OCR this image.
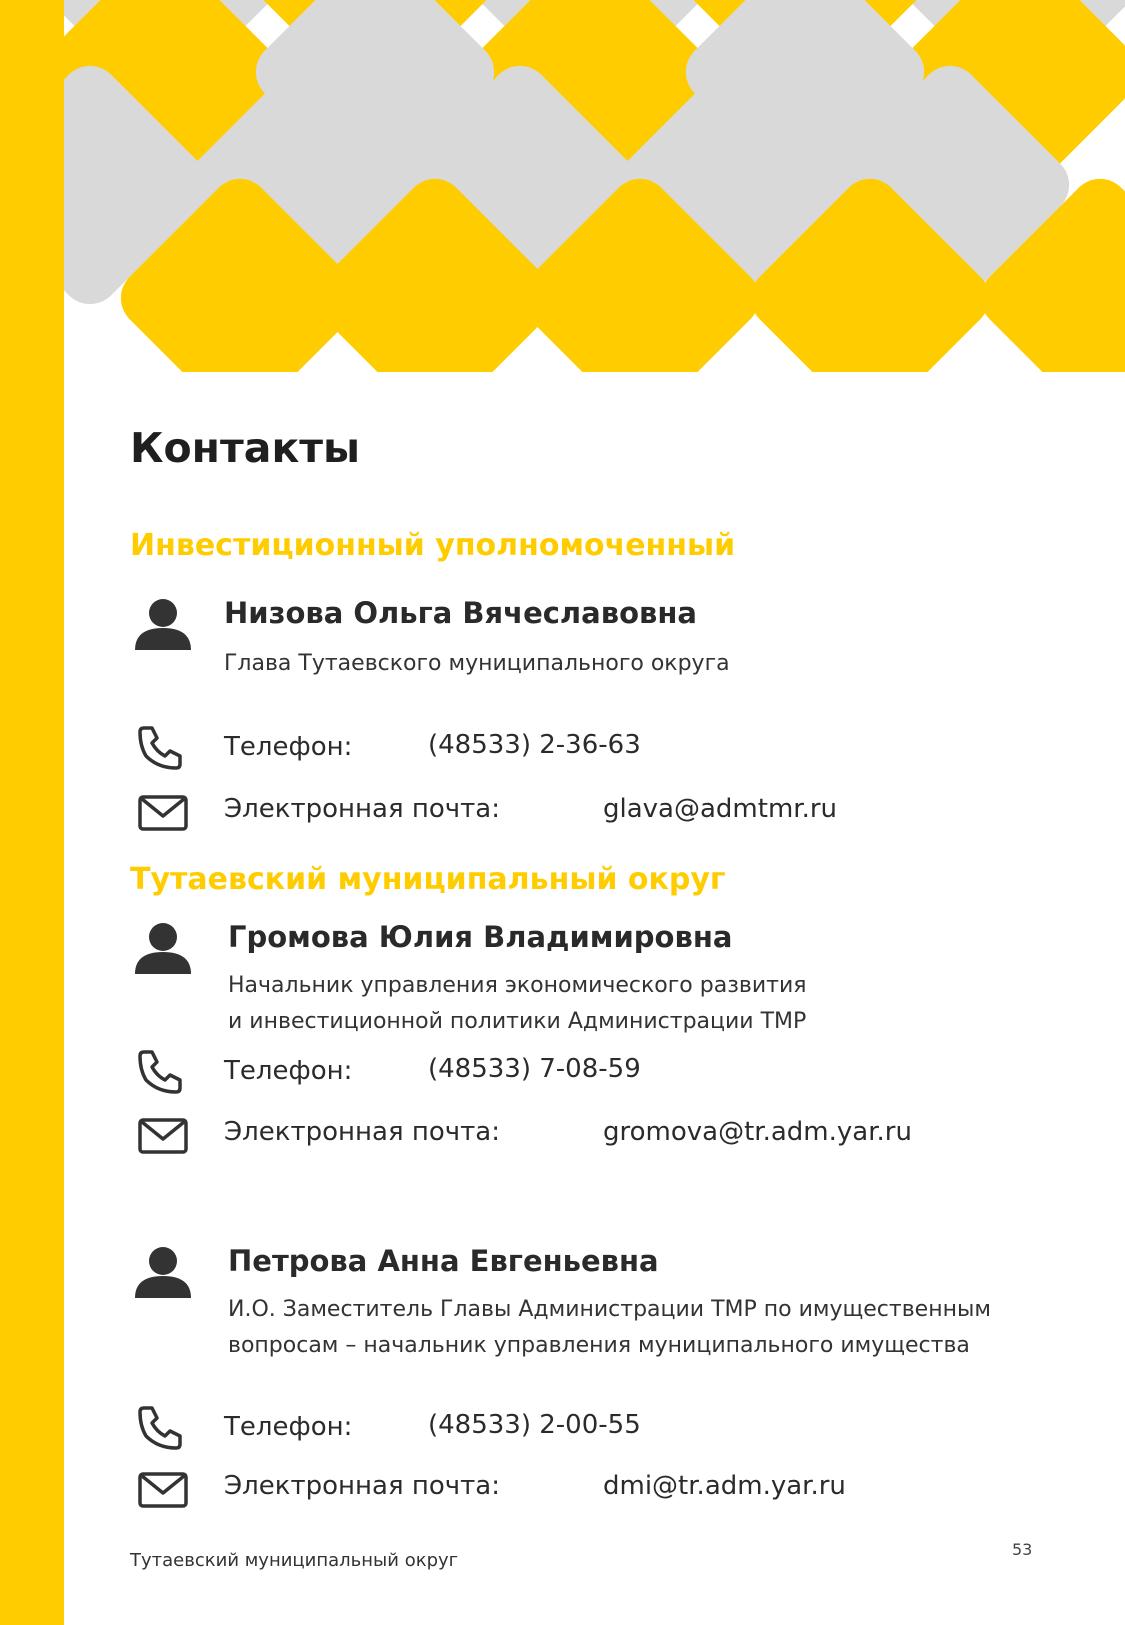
Контакты
Инвестиционный уполномоченный
Низова Ольга Вячеславовна
Глава Тутаевского муниципального округа
Телефон:	(48533) 2-36-63
Электронная почта:	glava@admtmr.ru
Тутаевский муниципальный округ
Громова Юлия Владимировна
Начальник управления экономического развития
и инвестиционной политики Администрации ТМР
Телефон:	(48533) 7-08-59
Электронная почта:	gromova@tr.adm.yar.ru
Петрова Анна Евгеньевна
И.О. Заместитель Главы Администрации ТМР по имущественным
вопросам – начальник управления муниципального имущества
Телефон:	(48533) 2-00-55
Электронная почта:	dmi@tr.adm.yar.ru
Тутаевский муниципальный округ
53
